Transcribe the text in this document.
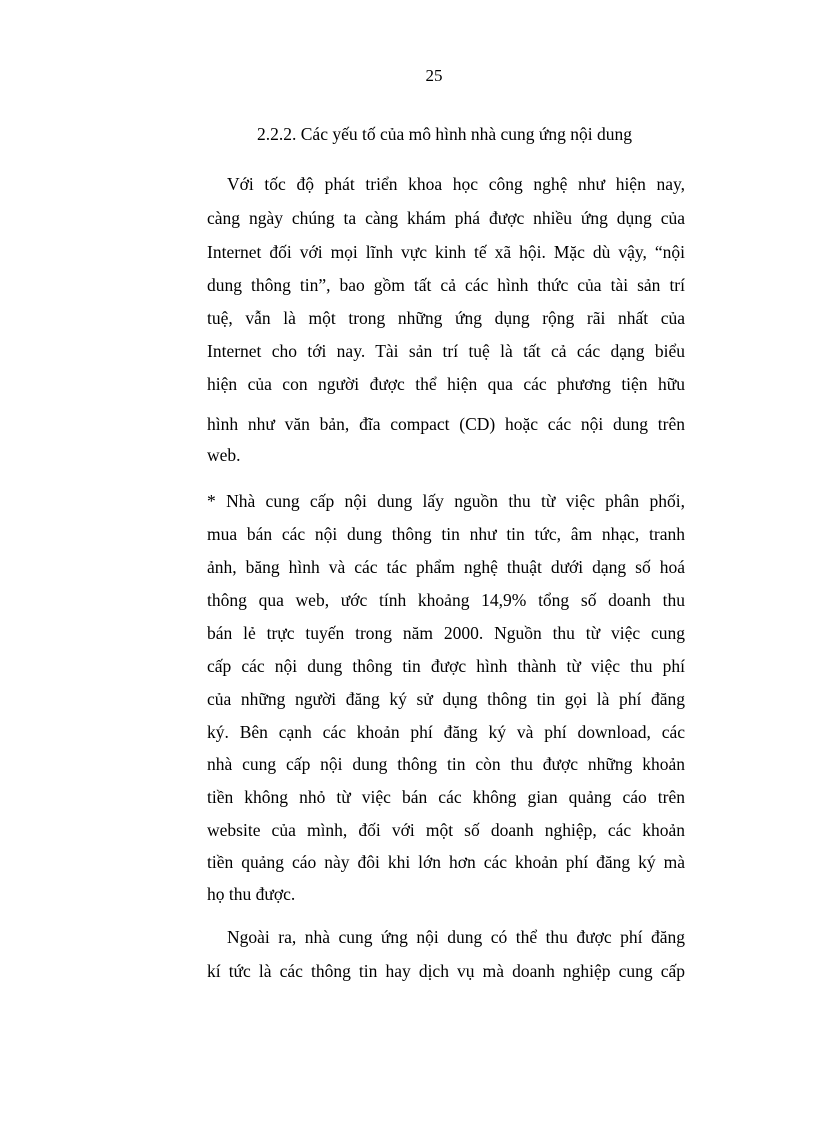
25
2.2.2. Các yếu tố của mô hình nhà cung ứng nội dung
Với tốc độ phát triển khoa học công nghệ như hiện nay,
càng ngày chúng ta càng khám phá được nhiều ứng dụng của
Internet đối với mọi lĩnh vực kinh tế xã hội. Mặc dù vậy, “nội
dung thông tin”, bao gồm tất cả các hình thức của tài sản trí
tuệ, vẫn là một trong những ứng dụng rộng rãi nhất của
Internet cho tới nay. Tài sản trí tuệ là tất cả các dạng biểu
hiện của con người được thể hiện qua các phương tiện hữu
hình như văn bản, đĩa compact (CD) hoặc các nội dung trên
web.
* Nhà cung cấp nội dung lấy nguồn thu từ việc phân phối,
mua bán các nội dung thông tin như tin tức, âm nhạc, tranh
ảnh, băng hình và các tác phẩm nghệ thuật dưới dạng số hoá
thông qua web, ước tính khoảng 14,9% tổng số doanh thu
bán lẻ trực tuyến trong năm 2000. Nguồn thu từ việc cung
cấp các nội dung thông tin được hình thành từ việc thu phí
của những người đăng ký sử dụng thông tin gọi là phí đăng
ký. Bên cạnh các khoản phí đăng ký và phí download, các
nhà cung cấp nội dung thông tin còn thu được những khoản
tiền không nhỏ từ việc bán các không gian quảng cáo trên
website của mình, đối với một số doanh nghiệp, các khoản
tiền quảng cáo này đôi khi lớn hơn các khoản phí đăng ký mà
họ thu được.
Ngoài ra, nhà cung ứng nội dung có thể thu được phí đăng
kí tức là các thông tin hay dịch vụ mà doanh nghiệp cung cấp
